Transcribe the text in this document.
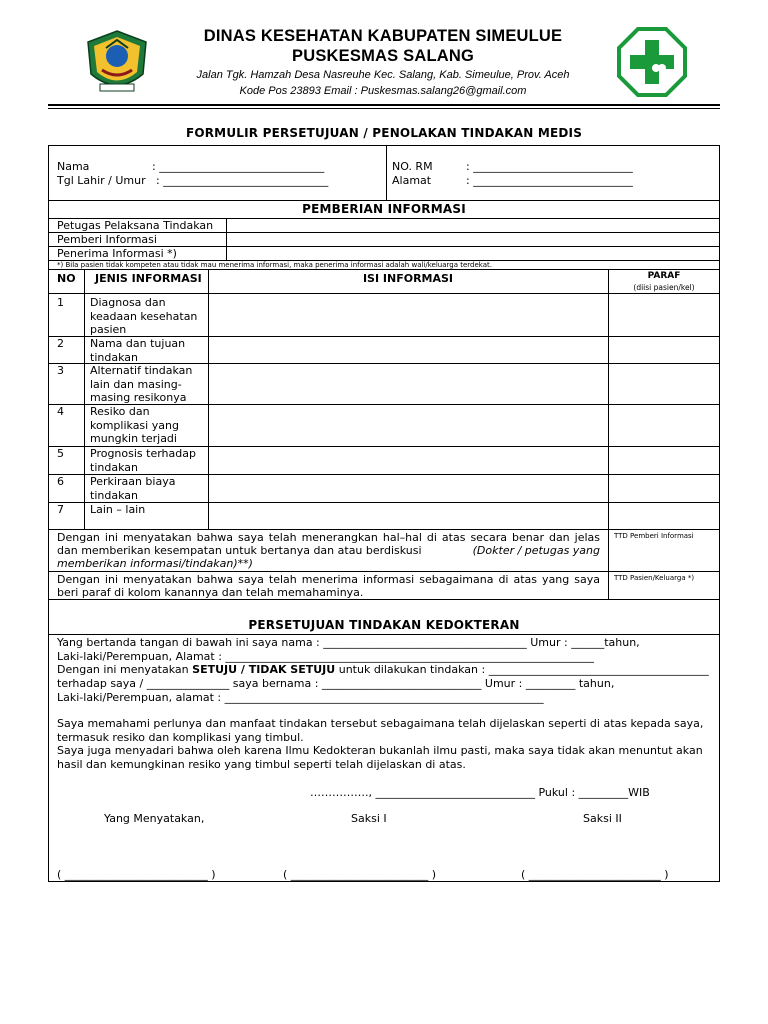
DINAS KESEHATAN KABUPATEN SIMEULUE
PUSKESMAS SALANG
Jalan Tgk. Hamzah Desa Nasreuhe Kec. Salang, Kab. Simeulue, Prov. Aceh
Kode Pos 23893 Email : Puskesmas.salang26@gmail.com
FORMULIR PERSETUJUAN / PENOLAKAN TINDAKAN MEDIS
Nama	: ______________________________
Tgl Lahir / Umur : ______________________________
NO. RM	: _____________________________
Alamat	: _____________________________
PEMBERIAN INFORMASI
Petugas Pelaksana Tindakan
Pemberi Informasi
Penerima Informasi *)
*) Bila pasien tidak kompeten atau tidak mau menerima informasi, maka penerima informasi adalah wali/keluarga terdekat.
NO JENIS INFORMASI	ISI INFORMASI	PARAF
(diisi pasien/kel)
1 Diagnosa dan keadaan kesehatan pasien
2 Nama dan tujuan tindakan
3 Alternatif tindakan lain dan masing-masing resikonya
4 Resiko dan komplikasi yang mungkin terjadi
5 Prognosis terhadap tindakan
6 Perkiraan biaya tindakan
7 Lain – lain
Dengan ini menyatakan bahwa saya telah menerangkan hal–hal di atas secara benar dan jelas
dan memberikan kesempatan untuk bertanya dan atau berdiskusi	(Dokter / petugas yang
memberikan informasi/tindakan)**)
TTD Pemberi Informasi
Dengan ini menyatakan bahwa saya telah menerima informasi sebagaimana di atas yang saya
beri paraf di kolom kanannya dan telah memahaminya.
TTD Pasien/Keluarga *)
PERSETUJUAN TINDAKAN KEDOKTERAN
Yang bertanda tangan di bawah ini saya nama : _____________________________________ Umur : ______tahun,
Laki-laki/Perempuan, Alamat : ___________________________________________________________________
Dengan ini menyatakan SETUJU / TIDAK SETUJU untuk dilakukan tindakan : ________________________________________
terhadap saya / _______________ saya bernama : _____________________________ Umur : _________ tahun,
Laki-laki/Perempuan, alamat : __________________________________________________________
Saya memahami perlunya dan manfaat tindakan tersebut sebagaimana telah dijelaskan seperti di atas kepada saya,
termasuk resiko dan komplikasi yang timbul.
Saya juga menyadari bahwa oleh karena Ilmu Kedokteran bukanlah ilmu pasti, maka saya tidak akan menuntut akan
hasil dan kemungkinan resiko yang timbul seperti telah dijelaskan di atas.
……………., _____________________________ Pukul : _________WIB
Yang Menyatakan,	Saksi I	Saksi II
( __________________________ )	( _________________________ )	( ________________________ )
